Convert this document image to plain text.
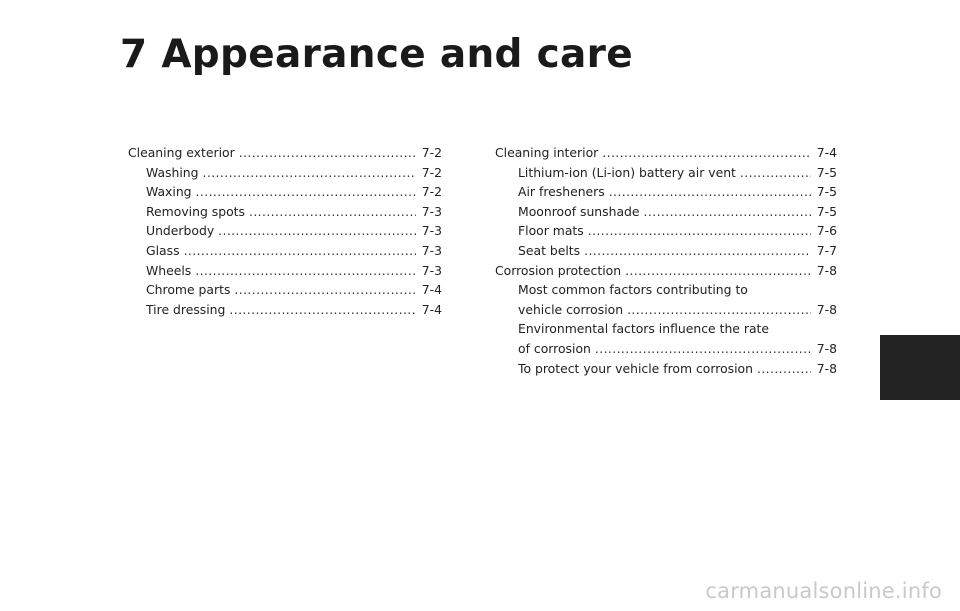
7 Appearance and care
Cleaning exterior .....	7-2
Washing .....	7-2
Waxing .....	7-2
Removing spots .....	7-3
Underbody .....	7-3
Glass .....	7-3
Wheels .....	7-3
Chrome parts .....	7-4
Tire dressing .....	7-4
Cleaning interior .....	7-4
Lithium-ion (Li-ion) battery air vent .....	7-5
Air fresheners .....	7-5
Moonroof sunshade .....	7-5
Floor mats .....	7-6
Seat belts .....	7-7
Corrosion protection .....	7-8
Most common factors contributing to
vehicle corrosion .....	7-8
Environmental factors influence the rate
of corrosion .....	7-8
To protect your vehicle from corrosion .....	7-8
carmanualsonline.info
